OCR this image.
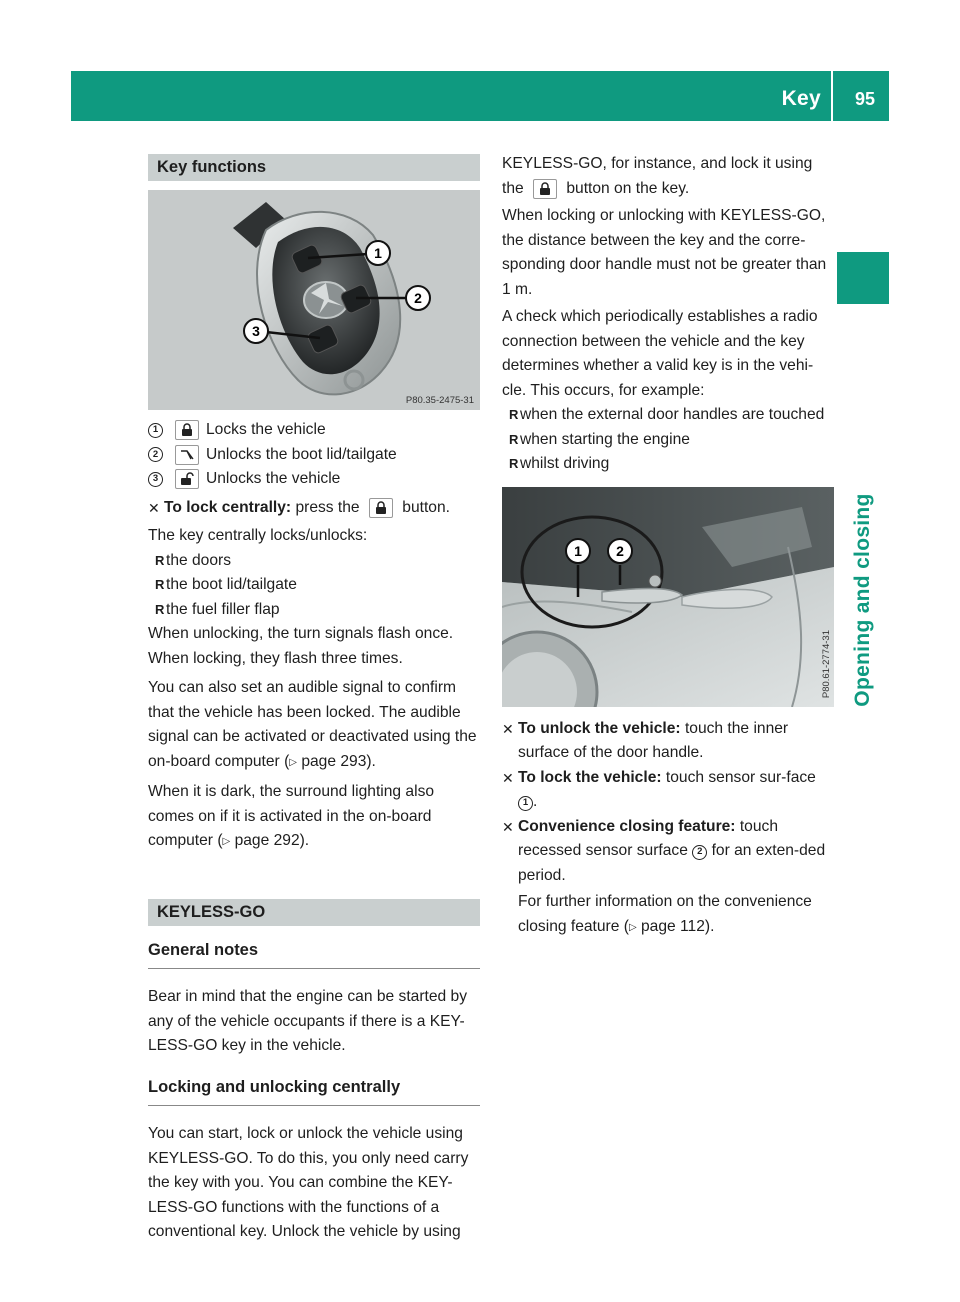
Key 95
Opening and closing
Key functions
1
2
3
P80.35-2475-31
1	Locks the vehicle
2	Unlocks the boot lid/tailgate
3	Unlocks the vehicle
✕ To lock centrally: press the	button.

The key centrally locks/unlocks:

R the doors
R the boot lid/tailgate
R the fuel filler flap

When unlocking, the turn signals flash once.

When locking, they flash three times.

You can also set an audible signal to confirm that the vehicle has been locked. The audible signal can be activated or deactivated using the on-board computer (▷ page 293).

When it is dark, the surround lighting also comes on if it is activated in the on-board computer (▷ page 292).

KEYLESS-GO
General notes

Bear in mind that the engine can be started by any of the vehicle occupants if there is a KEY-LESS-GO key in the vehicle.

Locking and unlocking centrally

You can start, lock or unlock the vehicle using KEYLESS-GO. To do this, you only need carry the key with you. You can combine the KEY-LESS-GO functions with the functions of a conventional key. Unlock the vehicle by using

KEYLESS-GO, for instance, and lock it using

the	button on the key.

When locking or unlocking with KEYLESS-GO, the distance between the key and the corre-sponding door handle must not be greater than 1 m.

A check which periodically establishes a radio connection between the vehicle and the key determines whether a valid key is in the vehi-cle. This occurs, for example:

R when the external door handles are touched
R when starting the engine
R whilst driving
1 2
P80.61-2774-31
✕ To unlock the vehicle: touch the inner surface of the door handle.
✕ To lock the vehicle: touch sensor sur-face 1 .
✕ Convenience closing feature: touch recessed sensor surface 2 for an exten-ded period.

For further information on the convenience closing feature (▷ page 112).
